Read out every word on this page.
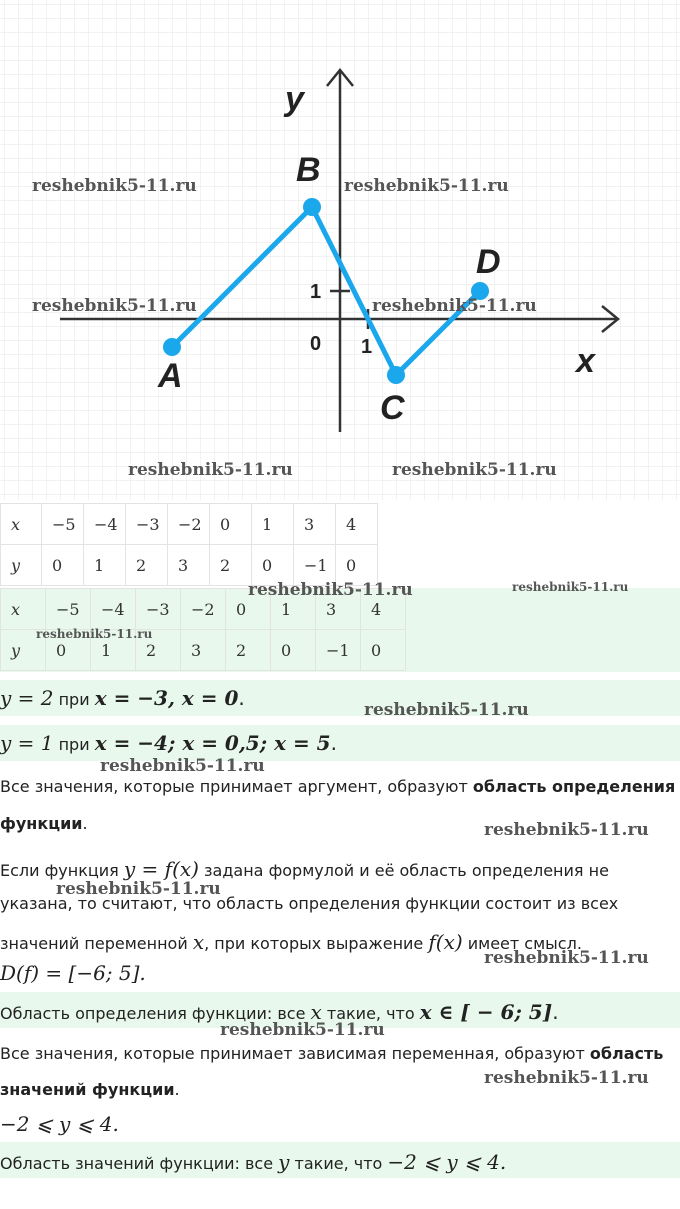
y
x
0 1
1
A
B
C
D
reshebnik5-11.ru	reshebnik5-11.ru
reshebnik5-11.ru	reshebnik5-11.ru
reshebnik5-11.ru	reshebnik5-11.ru
x	−5	−4	−3	−2	0	1	3	4
y	0	1	2	3	2	0	−1	0
x	−5	−4	−3	−2	0	1	3	4
y	0	1	2	3	2	0	−1	0
reshebnik5-11.ru	reshebnik5-11.ru
reshebnik5-11.ru
y = 2 при x = −3, x = 0.	reshebnik5-11.ru
y = 1 при x = −4; x = 0,5; x = 5.
reshebnik5-11.ru
Все значения, которые принимает аргумент, образуют область определения
функции.	reshebnik5-11.ru
Если функция y = f(x) задана формулой и её область определения не
указана, то считают, что область определения функции состоит из всех
reshebnik5-11.ru
значений переменной x, при которых выражение f(x) имеет смысл.
D(f) = [−6; 5].
reshebnik5-11.ru
Область определения функции: все x такие, что x ∈ [ − 6; 5].
reshebnik5-11.ru
Все значения, которые принимает зависимая переменная, образуют область
значений функции.
reshebnik5-11.ru
−2 ⩽ y ⩽ 4.
Область значений функции: все y такие, что −2 ⩽ y ⩽ 4.
